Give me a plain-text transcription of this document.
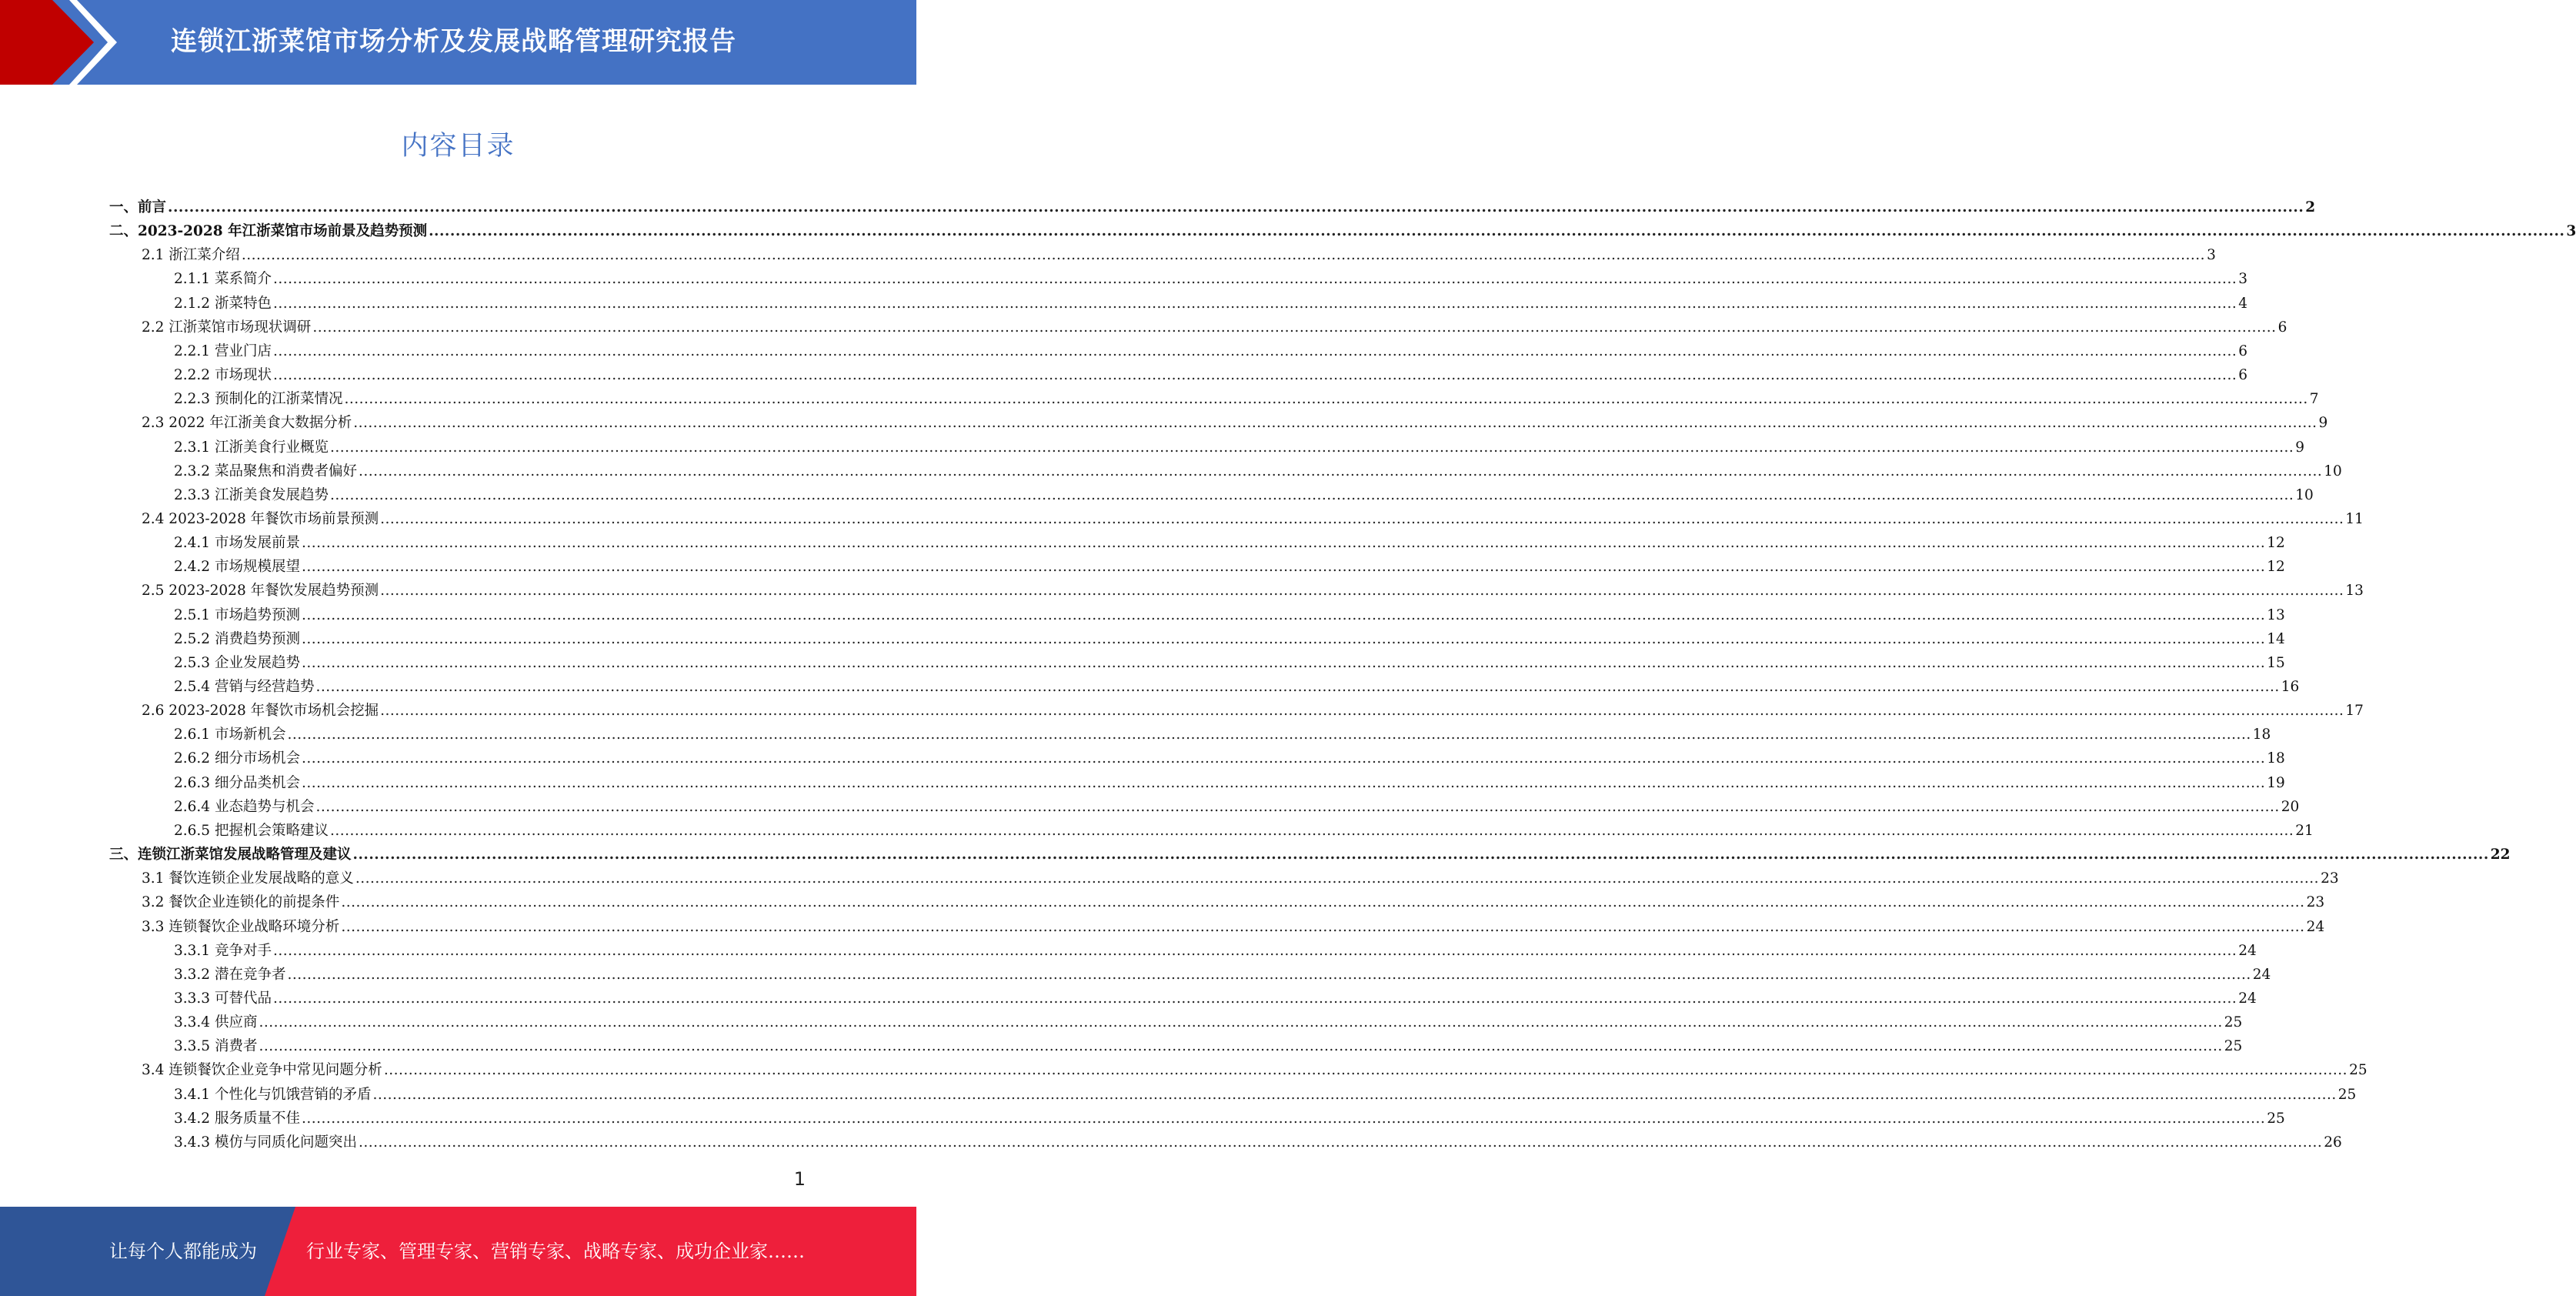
连锁江浙菜馆市场分析及发展战略管理研究报告
内容目录
一、前言 ................................................................................................................................................................................................................................................................................................................................................................................................................ 2
二、2023-2028 年江浙菜馆市场前景及趋势预测 ................................................................................................................................................................................................................................................................................................................................................................................................................ 3
2.1 浙江菜介绍 ................................................................................................................................................................................................................................................................................................................................................................................................................ 3
2.1.1 菜系简介 ................................................................................................................................................................................................................................................................................................................................................................................................................ 3
2.1.2 浙菜特色 ................................................................................................................................................................................................................................................................................................................................................................................................................ 4
2.2 江浙菜馆市场现状调研 ................................................................................................................................................................................................................................................................................................................................................................................................................ 6
2.2.1 营业门店 ................................................................................................................................................................................................................................................................................................................................................................................................................ 6
2.2.2 市场现状 ................................................................................................................................................................................................................................................................................................................................................................................................................ 6
2.2.3 预制化的江浙菜情况 ................................................................................................................................................................................................................................................................................................................................................................................................................ 7
2.3 2022 年江浙美食大数据分析 ................................................................................................................................................................................................................................................................................................................................................................................................................ 9
2.3.1 江浙美食行业概览 ................................................................................................................................................................................................................................................................................................................................................................................................................ 9
2.3.2 菜品聚焦和消费者偏好 ................................................................................................................................................................................................................................................................................................................................................................................................................ 10
2.3.3 江浙美食发展趋势 ................................................................................................................................................................................................................................................................................................................................................................................................................ 10
2.4 2023-2028 年餐饮市场前景预测 ................................................................................................................................................................................................................................................................................................................................................................................................................ 11
2.4.1 市场发展前景 ................................................................................................................................................................................................................................................................................................................................................................................................................ 12
2.4.2 市场规模展望 ................................................................................................................................................................................................................................................................................................................................................................................................................ 12
2.5 2023-2028 年餐饮发展趋势预测 ................................................................................................................................................................................................................................................................................................................................................................................................................ 13
2.5.1 市场趋势预测 ................................................................................................................................................................................................................................................................................................................................................................................................................ 13
2.5.2 消费趋势预测 ................................................................................................................................................................................................................................................................................................................................................................................................................ 14
2.5.3 企业发展趋势 ................................................................................................................................................................................................................................................................................................................................................................................................................ 15
2.5.4 营销与经营趋势 ................................................................................................................................................................................................................................................................................................................................................................................................................ 16
2.6 2023-2028 年餐饮市场机会挖掘 ................................................................................................................................................................................................................................................................................................................................................................................................................ 17
2.6.1 市场新机会 ................................................................................................................................................................................................................................................................................................................................................................................................................ 18
2.6.2 细分市场机会 ................................................................................................................................................................................................................................................................................................................................................................................................................ 18
2.6.3 细分品类机会 ................................................................................................................................................................................................................................................................................................................................................................................................................ 19
2.6.4 业态趋势与机会 ................................................................................................................................................................................................................................................................................................................................................................................................................ 20
2.6.5 把握机会策略建议 ................................................................................................................................................................................................................................................................................................................................................................................................................ 21
三、连锁江浙菜馆发展战略管理及建议 ................................................................................................................................................................................................................................................................................................................................................................................................................ 22
3.1 餐饮连锁企业发展战略的意义 ................................................................................................................................................................................................................................................................................................................................................................................................................ 23
3.2 餐饮企业连锁化的前提条件 ................................................................................................................................................................................................................................................................................................................................................................................................................ 23
3.3 连锁餐饮企业战略环境分析 ................................................................................................................................................................................................................................................................................................................................................................................................................ 24
3.3.1 竞争对手 ................................................................................................................................................................................................................................................................................................................................................................................................................ 24
3.3.2 潜在竞争者 ................................................................................................................................................................................................................................................................................................................................................................................................................ 24
3.3.3 可替代品 ................................................................................................................................................................................................................................................................................................................................................................................................................ 24
3.3.4 供应商 ................................................................................................................................................................................................................................................................................................................................................................................................................ 25
3.3.5 消费者 ................................................................................................................................................................................................................................................................................................................................................................................................................ 25
3.4 连锁餐饮企业竞争中常见问题分析 ................................................................................................................................................................................................................................................................................................................................................................................................................ 25
3.4.1 个性化与饥饿营销的矛盾 ................................................................................................................................................................................................................................................................................................................................................................................................................ 25
3.4.2 服务质量不佳 ................................................................................................................................................................................................................................................................................................................................................................................................................ 25
3.4.3 模仿与同质化问题突出 ................................................................................................................................................................................................................................................................................................................................................................................................................ 26
1
让每个人都能成为	行业专家、管理专家、营销专家、战略专家、成功企业家……
